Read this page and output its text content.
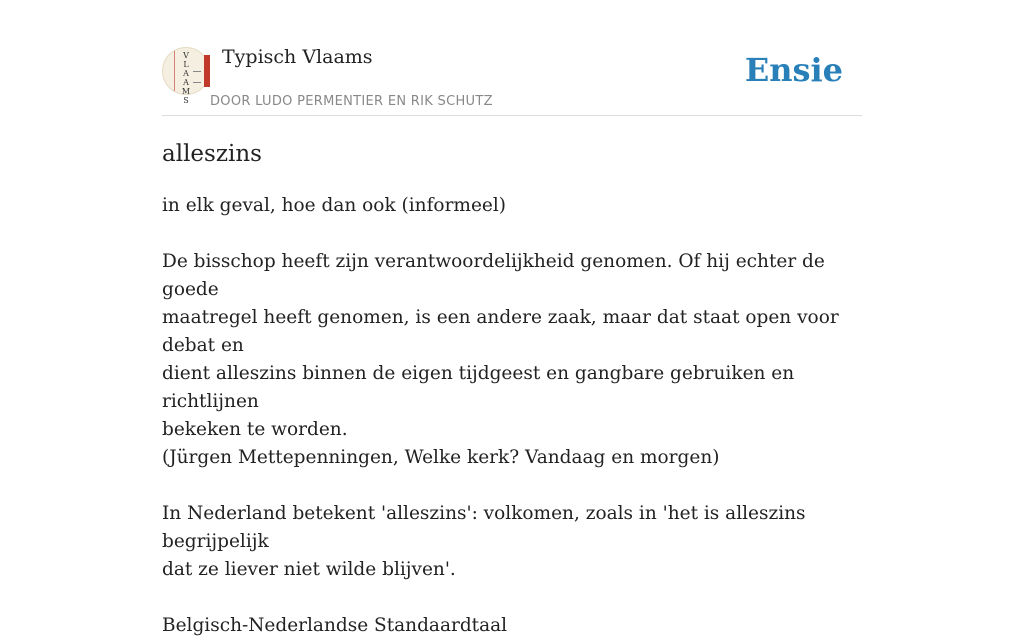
V
L
A
A
M
S
Typisch Vlaams
DOOR LUDO PERMENTIER EN RIK SCHUTZ
Ensie
alleszins

in elk geval, hoe dan ook (informeel)

De bisschop heeft zijn verantwoordelijkheid genomen. Of hij echter de goede

maatregel heeft genomen, is een andere zaak, maar dat staat open voor debat en

dient alleszins binnen de eigen tijdgeest en gangbare gebruiken en richtlijnen

bekeken te worden.

(Jürgen Mettepenningen, Welke kerk? Vandaag en morgen)

In Nederland betekent 'alleszins': volkomen, zoals in 'het is alleszins begrijpelijk

dat ze liever niet wilde blijven'.

Belgisch-Nederlandse Standaardtaal
